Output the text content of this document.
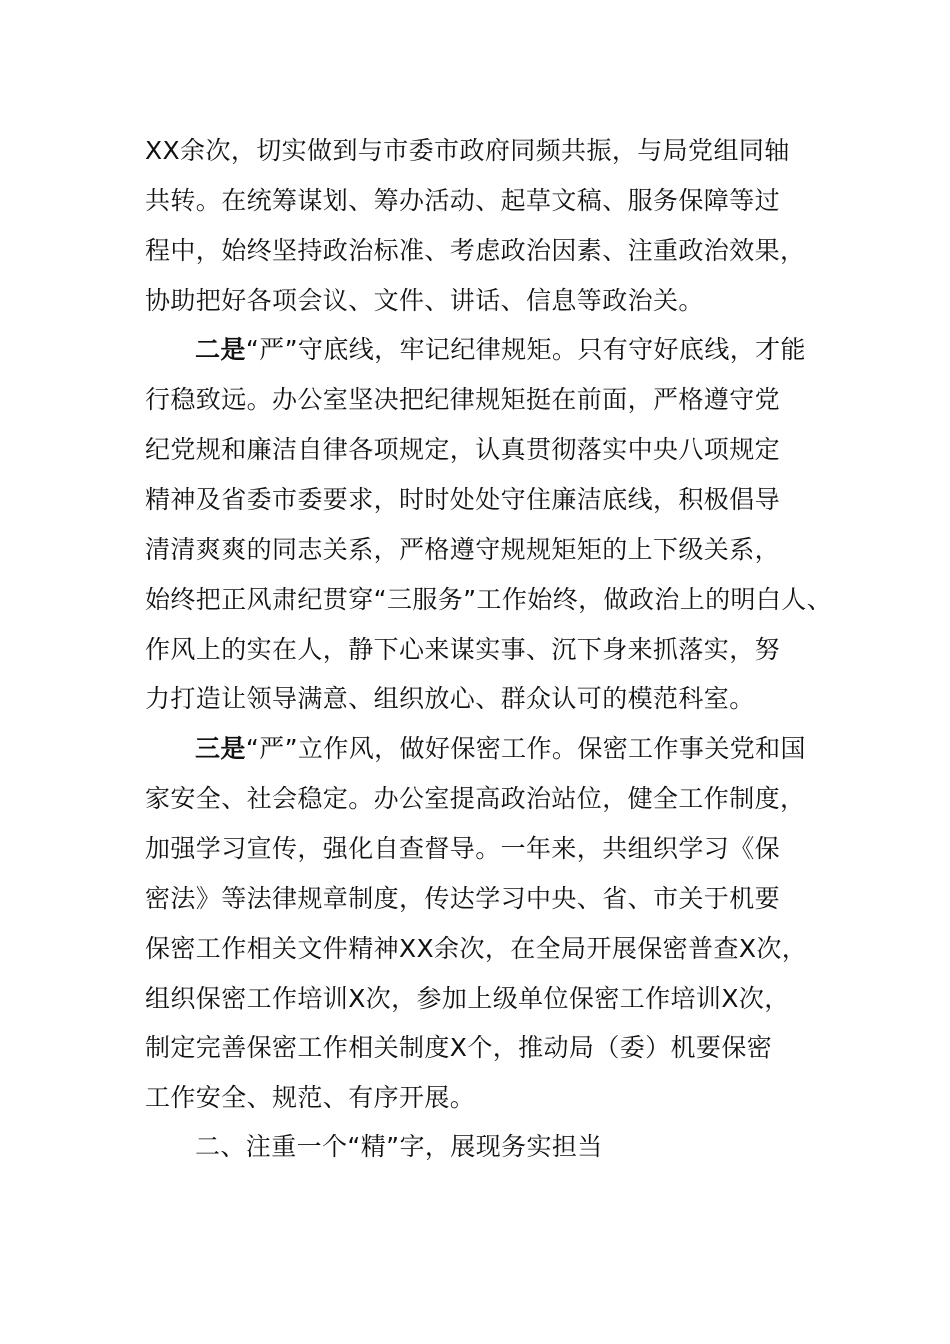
XX余次，切实做到与市委市政府同频共振，与局党组同轴
共转。在统筹谋划、筹办活动、起草文稿、服务保障等过
程中，始终坚持政治标准、考虑政治因素、注重政治效果，
协助把好各项会议、文件、讲话、信息等政治关。
二是“严”守底线，牢记纪律规矩。只有守好底线，才能
行稳致远。办公室坚决把纪律规矩挺在前面，严格遵守党
纪党规和廉洁自律各项规定，认真贯彻落实中央八项规定
精神及省委市委要求，时时处处守住廉洁底线，积极倡导
清清爽爽的同志关系，严格遵守规规矩矩的上下级关系，
始终把正风肃纪贯穿“三服务”工作始终，做政治上的明白人、
作风上的实在人，静下心来谋实事、沉下身来抓落实，努
力打造让领导满意、组织放心、群众认可的模范科室。
三是“严”立作风，做好保密工作。保密工作事关党和国
家安全、社会稳定。办公室提高政治站位，健全工作制度，
加强学习宣传，强化自查督导。一年来，共组织学习《保
密法》等法律规章制度，传达学习中央、省、市关于机要
保密工作相关文件精神XX余次，在全局开展保密普查X次，
组织保密工作培训X次，参加上级单位保密工作培训X次，
制定完善保密工作相关制度X个，推动局（委）机要保密
工作安全、规范、有序开展。
二、注重一个“精”字，展现务实担当
